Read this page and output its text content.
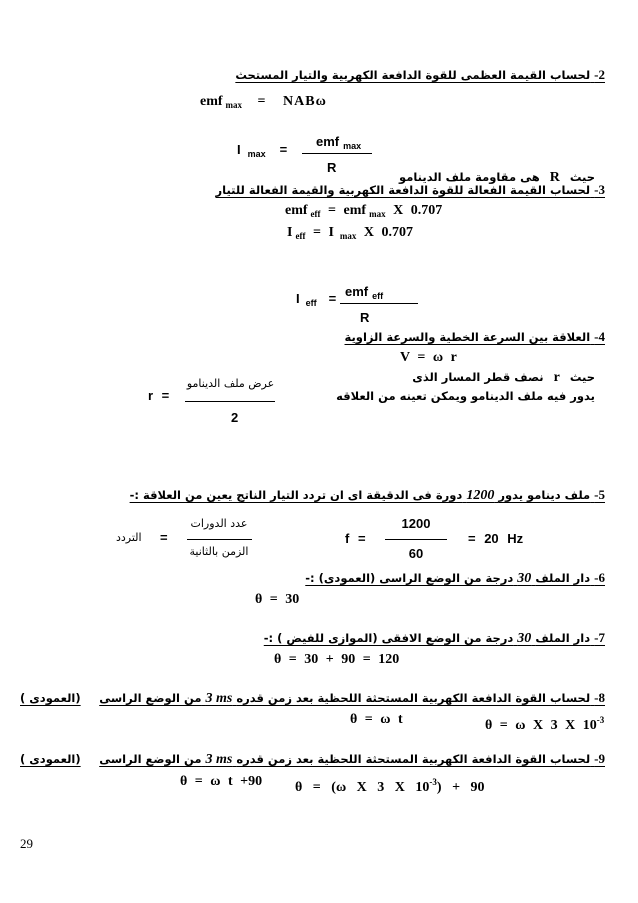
-2 لحساب القيمة العظمى للقوة الدافعة الكهربية والتيار المستحث
emf $_{max}$ = NABω
I $_{max}$ =
emf $_{max}$
R
حيث R هى مقاومة ملف الدينامو
-3 لحساب القيمة الفعالة للقوة الدافعة الكهربية والقيمة الفعالة للتيار
emf $_{eff}$ = emf $_{max}$ X 0.707
I $_{eff}$ = I $_{max}$ X 0.707
I $_{eff}$ = emf $_{eff}$
R
-4 العلاقة بين السرعة الخطية والسرعة الزاوية
V = ω r
حيث r نصف قطر المسار الذى
يدور فيه ملف الدينامو ويمكن تعينه من العلاقه
r =
عرض ملف الدينامو
2
-5 ملف دينامو يدور 1200 دورة فى الدقيقة اى ان تردد التيار الناتج يعين من العلاقة :-
التردد =
عدد الدورات
الزمن بالثانية
f =
1200
60
= 20 Hz
-6 دار الملف 30 درجة من الوضع الراسى (العمودى) :-
θ = 30
-7 دار الملف 30 درجة من الوضع الافقى (الموازى للفيض ) :-
θ = 30 + 90 = 120
-8 لحساب القوة الدافعة الكهربية المستحثة اللحظية بعد زمن قدره 3 ms من الوضع الراسى
(العمودى )
θ = ω t	θ = ω X 3 X $10^{-3}$
-9 لحساب القوة الدافعة الكهربية المستحثة اللحظية بعد زمن قدره 3 ms من الوضع الراسى
(العمودى )
θ = ω t +90 θ = (ω X 3 X $10^{-3}) + 90$
29
